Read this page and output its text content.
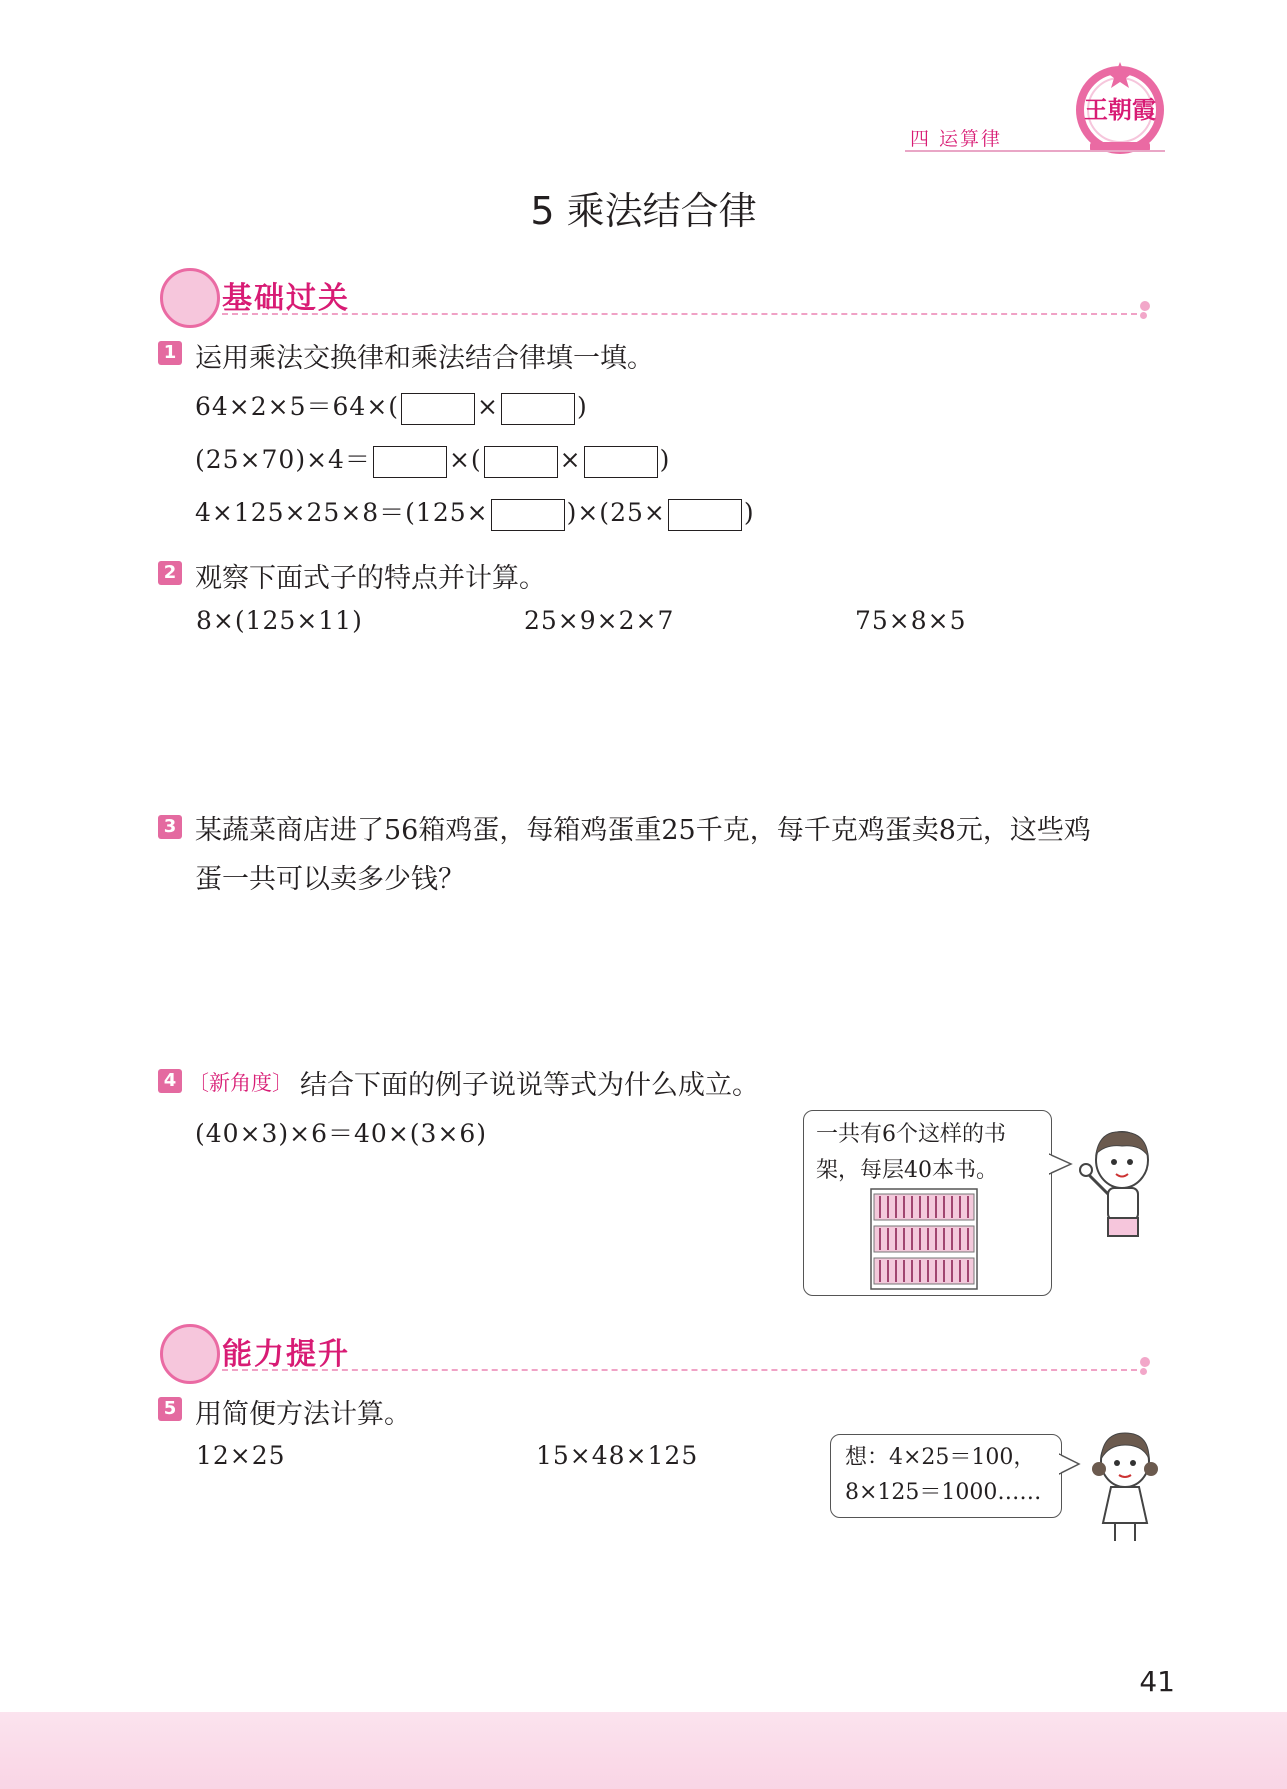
王朝霞
四 运算律
5 乘法结合律
基础过关
1 运用乘法交换律和乘法结合律填一填。
64×2×5＝64×(	×	)
(25×70)×4＝	×(	×	)
4×125×25×8＝(125×	)×(25×	)
2 观察下面式子的特点并计算。
8×(125×11)	25×9×2×7	75×8×5
3 某蔬菜商店进了56箱鸡蛋，每箱鸡蛋重25千克，每千克鸡蛋卖8元，这些鸡
蛋一共可以卖多少钱？
4 〔新角度〕 结合下面的例子说说等式为什么成立。
(40×3)×6＝40×(3×6)	一共有6个这样的书
架，每层40本书。
能力提升
5 用简便方法计算。
12×25	15×48×125	想：4×25＝100，
8×125＝1000……
41
